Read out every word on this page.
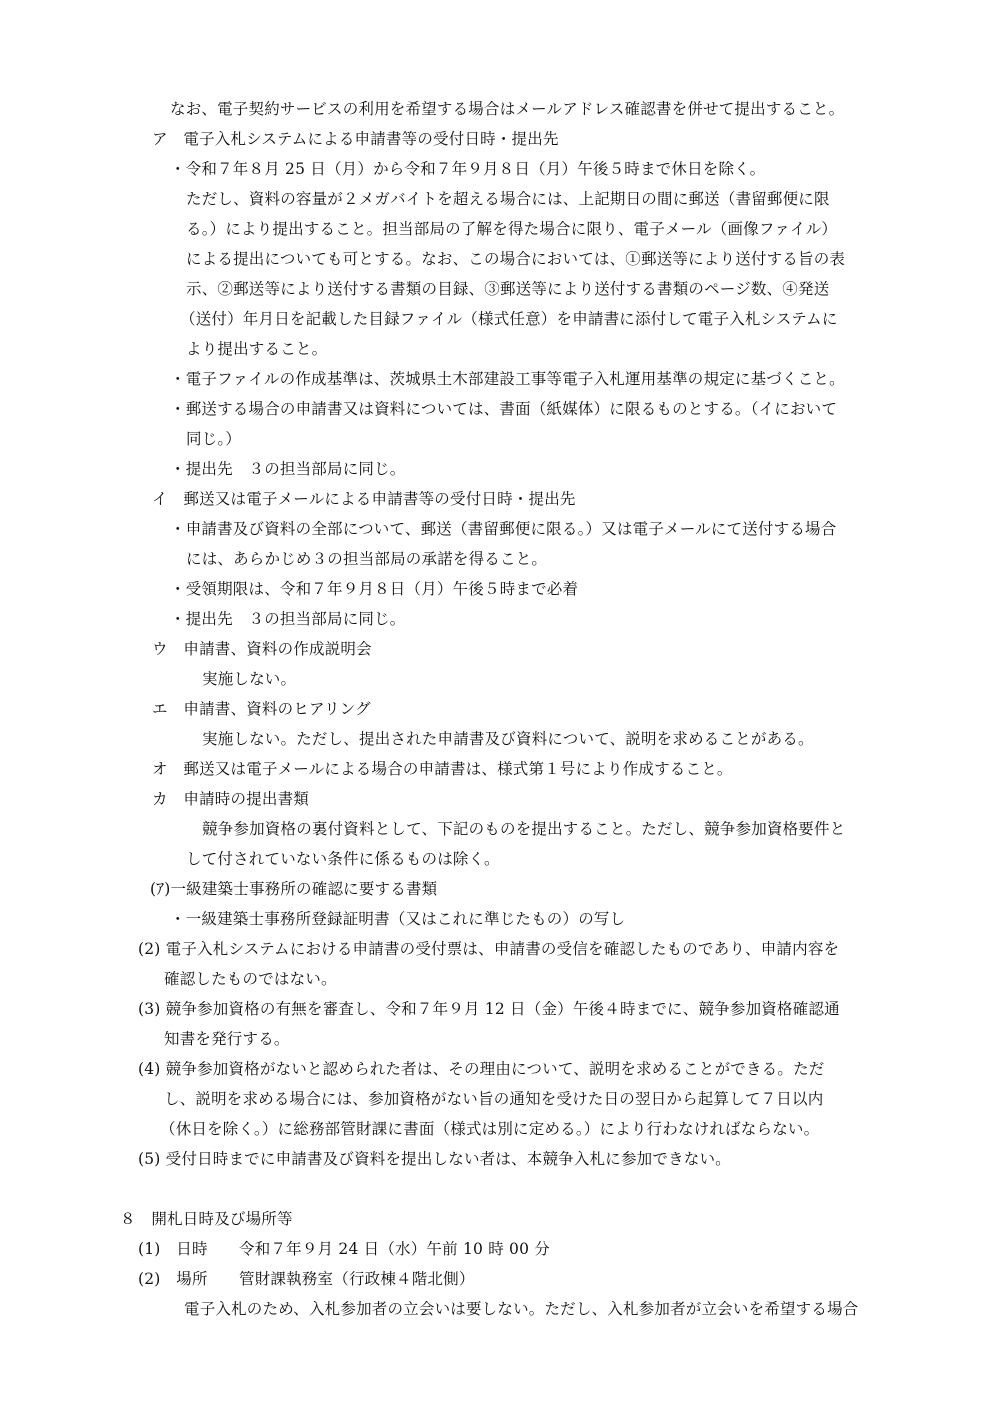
なお、電子契約サービスの利用を希望する場合はメールアドレス確認書を併せて提出すること。
ア　電子入札システムによる申請書等の受付日時・提出先
・令和７年８月 25 日（月）から令和７年９月８日（月）午後５時まで休日を除く。
ただし、資料の容量が２メガバイトを超える場合には、上記期日の間に郵送（書留郵便に限
る。）により提出すること。担当部局の了解を得た場合に限り、電子メール（画像ファイル）
による提出についても可とする。なお、この場合においては、①郵送等により送付する旨の表
示、②郵送等により送付する書類の目録、③郵送等により送付する書類のページ数、④発送
（送付）年月日を記載した目録ファイル（様式任意）を申請書に添付して電子入札システムに
より提出すること。
・電子ファイルの作成基準は、茨城県土木部建設工事等電子入札運用基準の規定に基づくこと。
・郵送する場合の申請書又は資料については、書面（紙媒体）に限るものとする。（イにおいて
同じ。）
・提出先　３の担当部局に同じ。
イ　郵送又は電子メールによる申請書等の受付日時・提出先
・申請書及び資料の全部について、郵送（書留郵便に限る。）又は電子メールにて送付する場合
には、あらかじめ３の担当部局の承諾を得ること。
・受領期限は、令和７年９月８日（月）午後５時まで必着
・提出先　３の担当部局に同じ。
ウ　申請書、資料の作成説明会
実施しない。
エ　申請書、資料のヒアリング
実施しない。ただし、提出された申請書及び資料について、説明を求めることがある。
オ　郵送又は電子メールによる場合の申請書は、様式第１号により作成すること。
カ　申請時の提出書類
競争参加資格の裏付資料として、下記のものを提出すること。ただし、競争参加資格要件と
して付されていない条件に係るものは除く。
(ｱ)一級建築士事務所の確認に要する書類
・一級建築士事務所登録証明書（又はこれに準じたもの）の写し
(2) 電子入札システムにおける申請書の受付票は、申請書の受信を確認したものであり、申請内容を
確認したものではない。
(3) 競争参加資格の有無を審査し、令和７年９月 12 日（金）午後４時までに、競争参加資格確認通
知書を発行する。
(4) 競争参加資格がないと認められた者は、その理由について、説明を求めることができる。ただ
し、説明を求める場合には、参加資格がない旨の通知を受けた日の翌日から起算して７日以内
（休日を除く。）に総務部管財課に書面（様式は別に定める。）により行わなければならない。
(5) 受付日時までに申請書及び資料を提出しない者は、本競争入札に参加できない。
８　開札日時及び場所等
(1)　日時　　令和７年９月 24 日（水）午前 10 時 00 分
(2)　場所　　管財課執務室（行政棟４階北側）
電子入札のため、入札参加者の立会いは要しない。ただし、入札参加者が立会いを希望する場合
